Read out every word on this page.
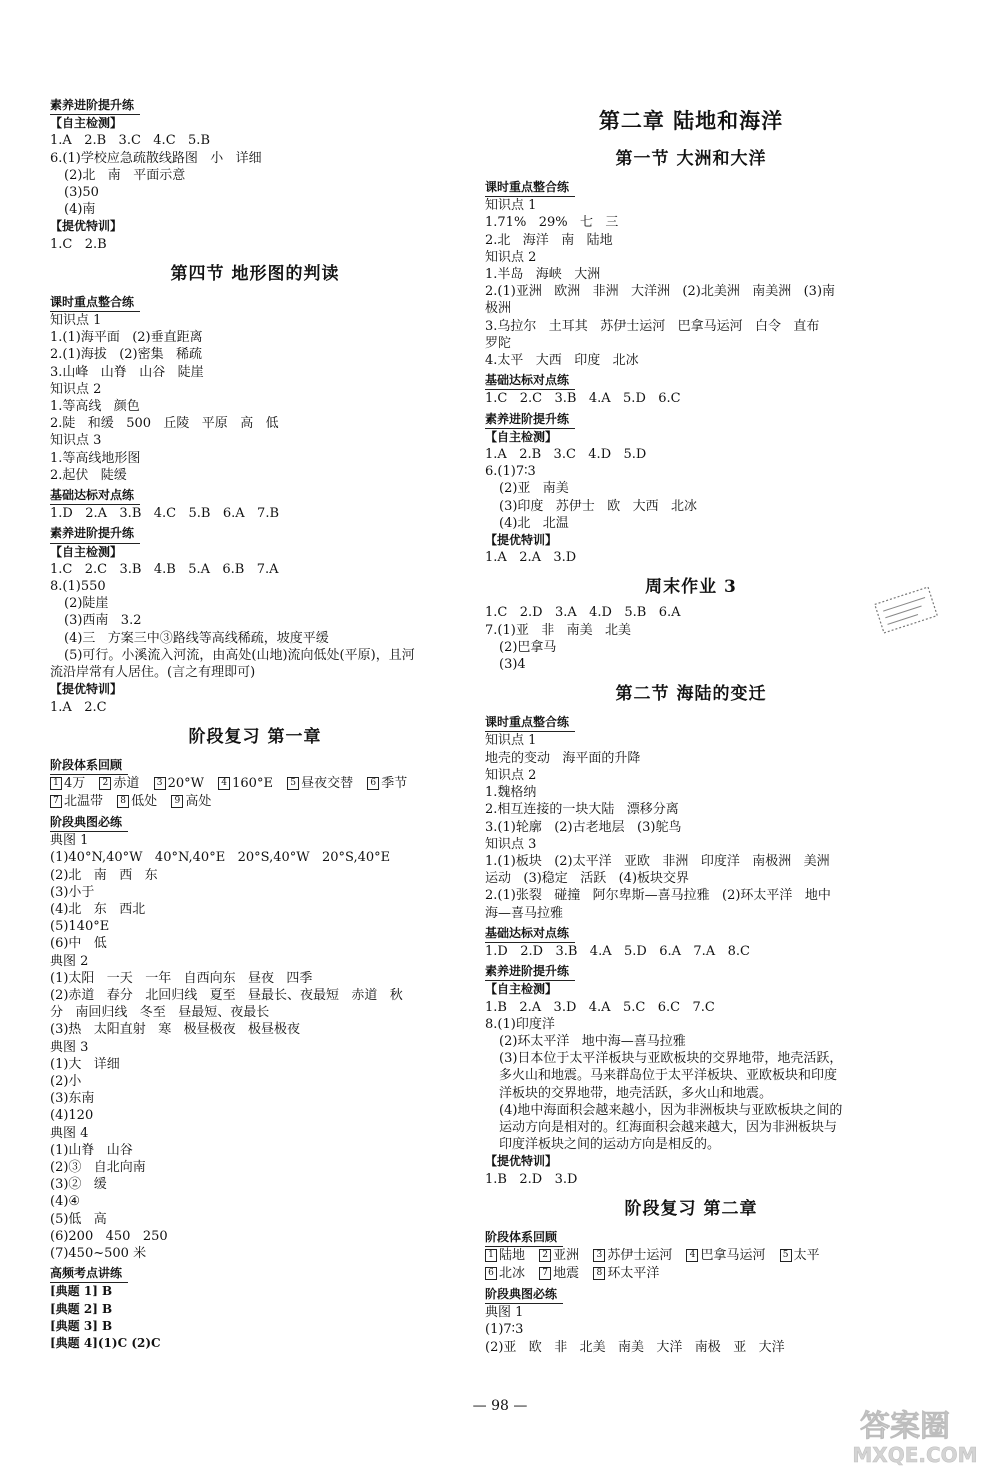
素养进阶提升练

【自主检测】

1.A   2.B   3.C   4.C   5.B

6.(1)学校应急疏散线路图   小   详细

(2)北   南   平面示意

(3)50

(4)南

【提优特训】

1.C   2.B

第四节 地形图的判读

课时重点整合练

知识点 1

1.(1)海平面   (2)垂直距离

2.(1)海拔   (2)密集   稀疏

3.山峰   山脊   山谷   陡崖

知识点 2

1.等高线   颜色

2.陡   和缓   500   丘陵   平原   高   低

知识点 3

1.等高线地形图

2.起伏   陡缓

基础达标对点练

1.D   2.A   3.B   4.C   5.B   6.A   7.B

素养进阶提升练

【自主检测】

1.C   2.C   3.B   4.B   5.A   6.B   7.A

8.(1)550

(2)陡崖

(3)西南   3.2

(4)三   方案三中③路线等高线稀疏，坡度平缓

(5)可行。小溪流入河流，由高处(山地)流向低处(平原)，且河

流沿岸常有人居住。(言之有理即可)

【提优特训】

1.A   2.C

阶段复习 第一章

阶段体系回顾

1 4万 2 赤道 3 20°W 4 160°E 5 昼夜交替 6 季节

7 北温带 8 低处 9 高处

阶段典图必练

典图 1

(1)40°N,40°W   40°N,40°E   20°S,40°W   20°S,40°E

(2)北   南   西   东

(3)小于

(4)北   东   西北

(5)140°E

(6)中   低

典图 2

(1)太阳   一天   一年   自西向东   昼夜   四季

(2)赤道   春分   北回归线   夏至   昼最长、夜最短   赤道   秋

分   南回归线   冬至   昼最短、夜最长

(3)热   太阳直射   寒   极昼极夜   极昼极夜

典图 3

(1)大   详细

(2)小

(3)东南

(4)120

典图 4

(1)山脊   山谷

(2)③   自北向南

(3)②   缓

(4)④

(5)低   高

(6)200   450   250

(7)450~500 米

高频考点讲练

[典题 1] B

[典题 2] B

[典题 3] B

[典题 4](1)C (2)C

第二章 陆地和海洋
第一节 大洲和大洋

课时重点整合练

知识点 1

1.71%   29%   七   三

2.北   海洋   南   陆地

知识点 2

1.半岛   海峡   大洲

2.(1)亚洲   欧洲   非洲   大洋洲   (2)北美洲   南美洲   (3)南

极洲

3.乌拉尔   土耳其   苏伊士运河   巴拿马运河   白令   直布

罗陀

4.太平   大西   印度   北冰

基础达标对点练

1.C   2.C   3.B   4.A   5.D   6.C

素养进阶提升练

【自主检测】

1.A   2.B   3.C   4.D   5.D

6.(1)7∶3

(2)亚   南美

(3)印度   苏伊士   欧   大西   北冰

(4)北   北温

【提优特训】

1.A   2.A   3.D

周末作业 3

1.C   2.D   3.A   4.D   5.B   6.A

7.(1)亚   非   南美   北美

(2)巴拿马

(3)4

第二节 海陆的变迁

课时重点整合练

知识点 1

地壳的变动   海平面的升降

知识点 2

1.魏格纳

2.相互连接的一块大陆   漂移分离

3.(1)轮廓   (2)古老地层   (3)鸵鸟

知识点 3

1.(1)板块   (2)太平洋   亚欧   非洲   印度洋   南极洲   美洲

运动   (3)稳定   活跃   (4)板块交界

2.(1)张裂   碰撞   阿尔卑斯—喜马拉雅   (2)环太平洋   地中

海—喜马拉雅

基础达标对点练

1.D   2.D   3.B   4.A   5.D   6.A   7.A   8.C

素养进阶提升练

【自主检测】

1.B   2.A   3.D   4.A   5.C   6.C   7.C

8.(1)印度洋

(2)环太平洋   地中海—喜马拉雅

(3)日本位于太平洋板块与亚欧板块的交界地带，地壳活跃，

多火山和地震。马来群岛位于太平洋板块、亚欧板块和印度

洋板块的交界地带，地壳活跃，多火山和地震。

(4)地中海面积会越来越小，因为非洲板块与亚欧板块之间的

运动方向是相对的。红海面积会越来越大，因为非洲板块与

印度洋板块之间的运动方向是相反的。

【提优特训】

1.B   2.D   3.D

阶段复习 第二章

阶段体系回顾

1 陆地 2 亚洲 3 苏伊士运河 4 巴拿马运河 5 太平

6 北冰 7 地震 8 环太平洋

阶段典图必练

典图 1

(1)7∶3

(2)亚   欧   非   北美   南美   大洋   南极   亚   大洋

— 98 —
答案圈
MXQE.COM
